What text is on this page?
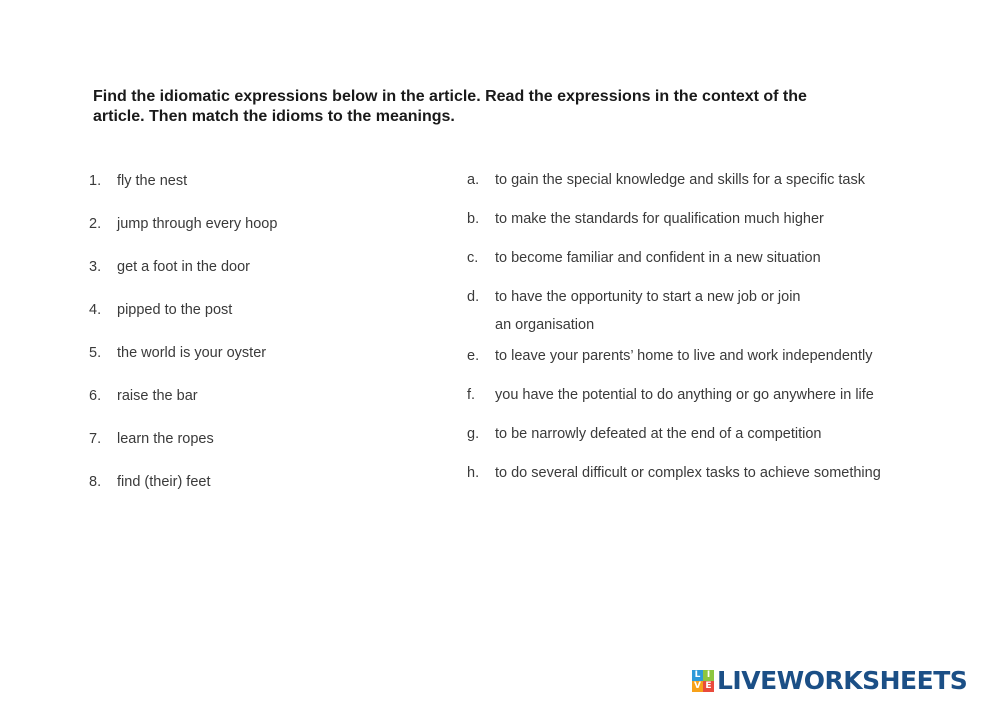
Find the idiomatic expressions below in the article. Read the expressions in the context of the

article. Then match the idioms to the meanings.

1. fly the nest
2. jump through every hoop
3. get a foot in the door
4. pipped to the post
5. the world is your oyster
6. raise the bar
7. learn the ropes
8. find (their) feet
a. to gain the special knowledge and skills for a specific task
b. to make the standards for qualification much higher
c. to become familiar and confident in a new situation
d. to have the opportunity to start a new job or join
an organisation
e. to leave your parents’ home to live and work independently
f. you have the potential to do anything or go anywhere in life
g. to be narrowly defeated at the end of a competition
h. to do several difficult or complex tasks to achieve something
L I
V E LIVEWORKSHEETS
